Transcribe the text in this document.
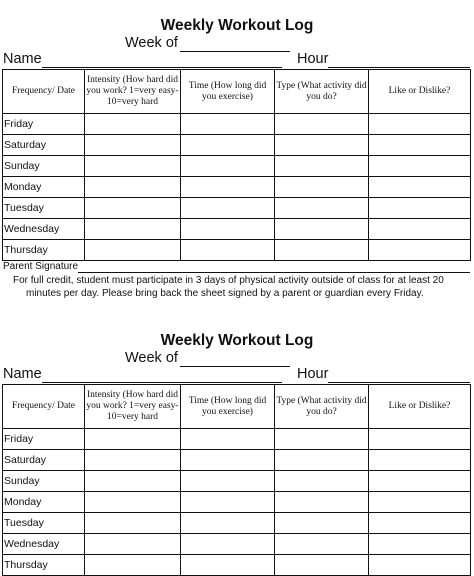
Weekly Workout Log
Week of
Name	Hour
Frequency/ Date	Intensity (How hard did you work? 1=very easy-10=very hard	Time (How long did you exercise)	Type (What activity did you do?	Like or Dislike?
Friday				
Saturday				
Sunday				
Monday				
Tuesday				
Wednesday				
Thursday				
Parent Signature
For full credit, student must participate in 3 days of physical activity outside of class for at least 20
minutes per day. Please bring back the sheet signed by a parent or guardian every Friday.
Weekly Workout Log
Week of
Name	Hour
Frequency/ Date	Intensity (How hard did you work? 1=very easy-10=very hard	Time (How long did you exercise)	Type (What activity did you do?	Like or Dislike?
Friday				
Saturday				
Sunday				
Monday				
Tuesday				
Wednesday				
Thursday				
